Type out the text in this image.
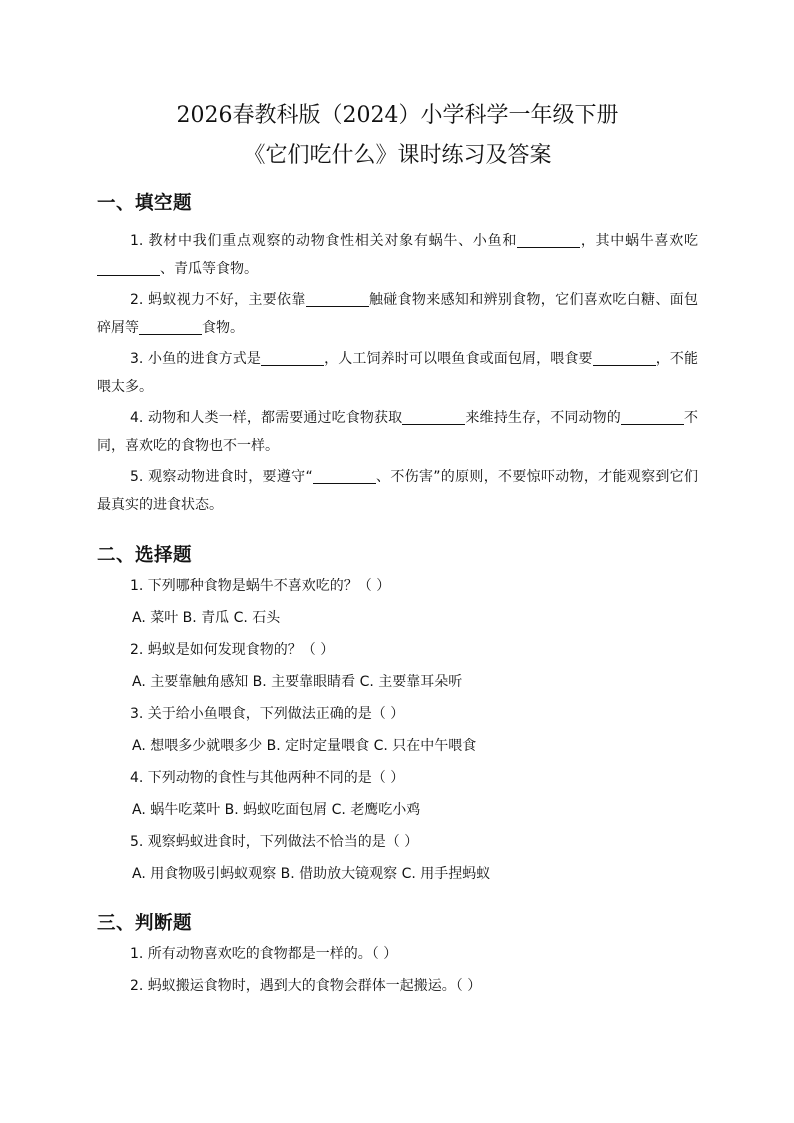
2026春教科版（2024）小学科学一年级下册

《它们吃什么》课时练习及答案

一、填空题

1. 教材中我们重点观察的动物食性相关对象有蜗牛、小鱼和	，其中蜗牛喜欢吃、青瓜等食物。

2. 蚂蚁视力不好，主要依靠	触碰食物来感知和辨别食物，它们喜欢吃白糖、面包碎屑等	食物。

3. 小鱼的进食方式是	，人工饲养时可以喂鱼食或面包屑，喂食要	，不能喂太多。

4. 动物和人类一样，都需要通过吃食物获取	来维持生存，不同动物的	不同，喜欢吃的食物也不一样。

5. 观察动物进食时，要遵守“	、不伤害”的原则，不要惊吓动物，才能观察到它们最真实的进食状态。

二、选择题

1. 下列哪种食物是蜗牛不喜欢吃的？（ ）

A. 菜叶 B. 青瓜 C. 石头

2. 蚂蚁是如何发现食物的？（ ）

A. 主要靠触角感知 B. 主要靠眼睛看 C. 主要靠耳朵听

3. 关于给小鱼喂食，下列做法正确的是（ ）

A. 想喂多少就喂多少 B. 定时定量喂食 C. 只在中午喂食

4. 下列动物的食性与其他两种不同的是（ ）

A. 蜗牛吃菜叶 B. 蚂蚁吃面包屑 C. 老鹰吃小鸡

5. 观察蚂蚁进食时，下列做法不恰当的是（ ）

A. 用食物吸引蚂蚁观察 B. 借助放大镜观察 C. 用手捏蚂蚁

三、判断题

1. 所有动物喜欢吃的食物都是一样的。（ ）

2. 蚂蚁搬运食物时，遇到大的食物会群体一起搬运。（ ）
